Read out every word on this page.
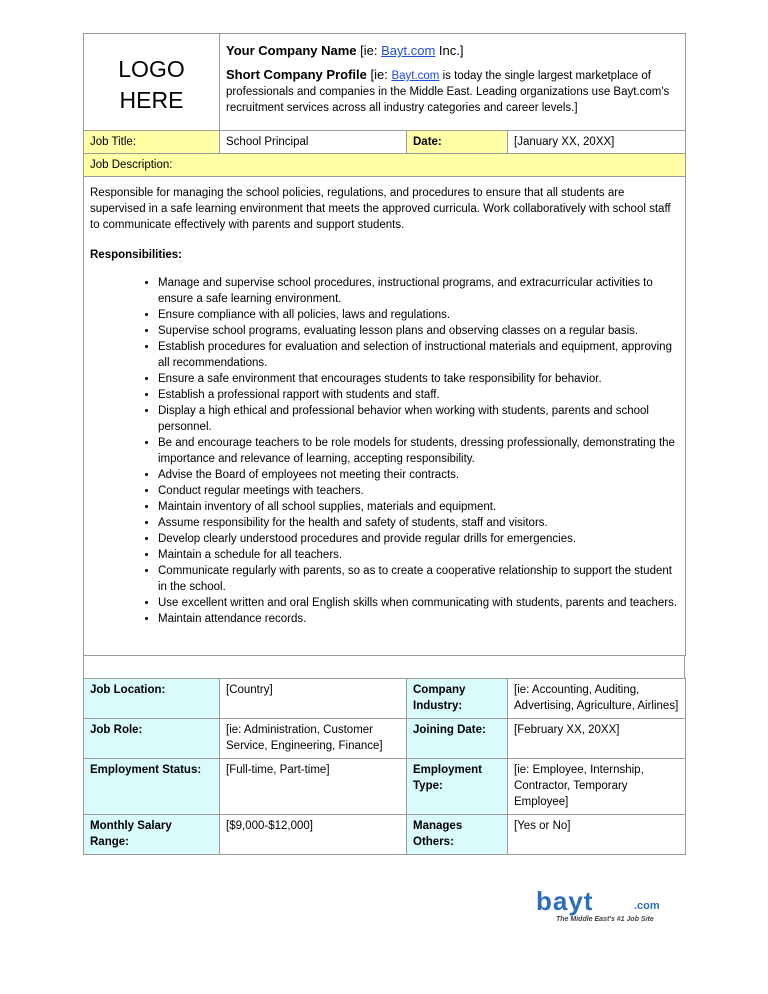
LOGO HERE

Your Company Name [ie: Bayt.com Inc.]
Short Company Profile [ie: Bayt.com is today the single largest marketplace of professionals and companies in the Middle East. Leading organizations use Bayt.com's recruitment services across all industry categories and career levels.]
Job Title:	School Principal	Date:	[January XX, 20XX]
Job Description:

Responsible for managing the school policies, regulations, and procedures to ensure that all students are supervised in a safe learning environment that meets the approved curricula. Work collaboratively with school staff to communicate effectively with parents and support students.
Responsibilities:
• Manage and supervise school procedures, instructional programs, and extracurricular activities to ensure a safe learning environment.
• Ensure compliance with all policies, laws and regulations.
• Supervise school programs, evaluating lesson plans and observing classes on a regular basis.
• Establish procedures for evaluation and selection of instructional materials and equipment, approving all recommendations.
• Ensure a safe environment that encourages students to take responsibility for behavior.
• Establish a professional rapport with students and staff.
• Display a high ethical and professional behavior when working with students, parents and school personnel.
• Be and encourage teachers to be role models for students, dressing professionally, demonstrating the importance and relevance of learning, accepting responsibility.
• Advise the Board of employees not meeting their contracts.
• Conduct regular meetings with teachers.
• Maintain inventory of all school supplies, materials and equipment.
• Assume responsibility for the health and safety of students, staff and visitors.
• Develop clearly understood procedures and provide regular drills for emergencies.
• Maintain a schedule for all teachers.
• Communicate regularly with parents, so as to create a cooperative relationship to support the student in the school.
• Use excellent written and oral English skills when communicating with students, parents and teachers.
• Maintain attendance records.
Job Location:	[Country]	Company Industry:	[ie: Accounting, Auditing, Advertising, Agriculture, Airlines]
Job Role:	[ie: Administration, Customer Service, Engineering, Finance]	Joining Date:	[February XX, 20XX]
Employment Status:	[Full-time, Part-time]	Employment Type:	[ie: Employee, Internship, Contractor, Temporary Employee]
Monthly Salary Range:	[$9,000-$12,000]	Manages Others:	[Yes or No]
bayt	.com
The Middle East's #1 Job Site
